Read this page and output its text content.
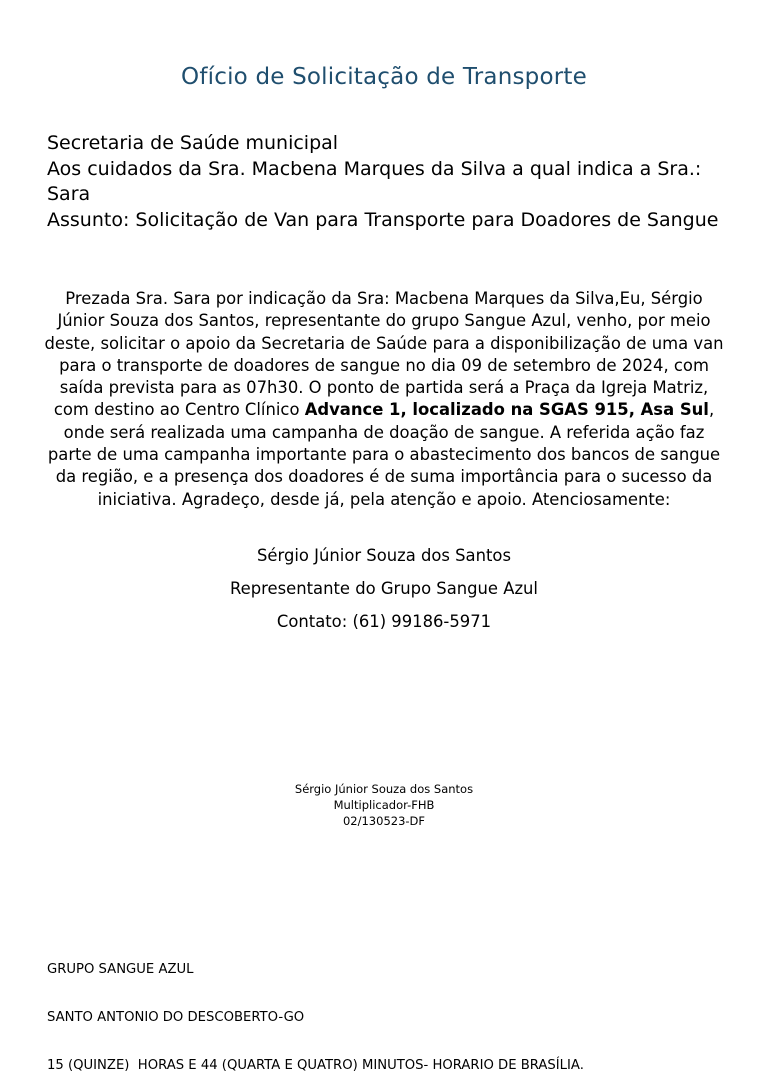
Ofício de Solicitação de Transporte
Secretaria de Saúde municipal
Aos cuidados da Sra. Macbena Marques da Silva a qual indica a Sra.: Sara
Assunto: Solicitação de Van para Transporte para Doadores de Sangue
Prezada Sra. Sara por indicação da Sra: Macbena Marques da Silva,Eu, Sérgio Júnior Souza dos Santos, representante do grupo Sangue Azul, venho, por meio deste, solicitar o apoio da Secretaria de Saúde para a disponibilização de uma van para o transporte de doadores de sangue no dia 09 de setembro de 2024, com saída prevista para as 07h30. O ponto de partida será a Praça da Igreja Matriz, com destino ao Centro Clínico Advance 1, localizado na SGAS 915, Asa Sul, onde será realizada uma campanha de doação de sangue. A referida ação faz parte de uma campanha importante para o abastecimento dos bancos de sangue da região, e a presença dos doadores é de suma importância para o sucesso da iniciativa. Agradeço, desde já, pela atenção e apoio. Atenciosamente:
Sérgio Júnior Souza dos Santos
Representante do Grupo Sangue Azul
Contato: (61) 99186-5971
Sérgio Júnior Souza dos Santos
Multiplicador-FHB
02/130523-DF

GRUPO SANGUE AZUL

SANTO ANTONIO DO DESCOBERTO-GO

15 (QUINZE)  HORAS E 44 (QUARTA E QUATRO) MINUTOS- HORARIO DE BRASÍLIA.
